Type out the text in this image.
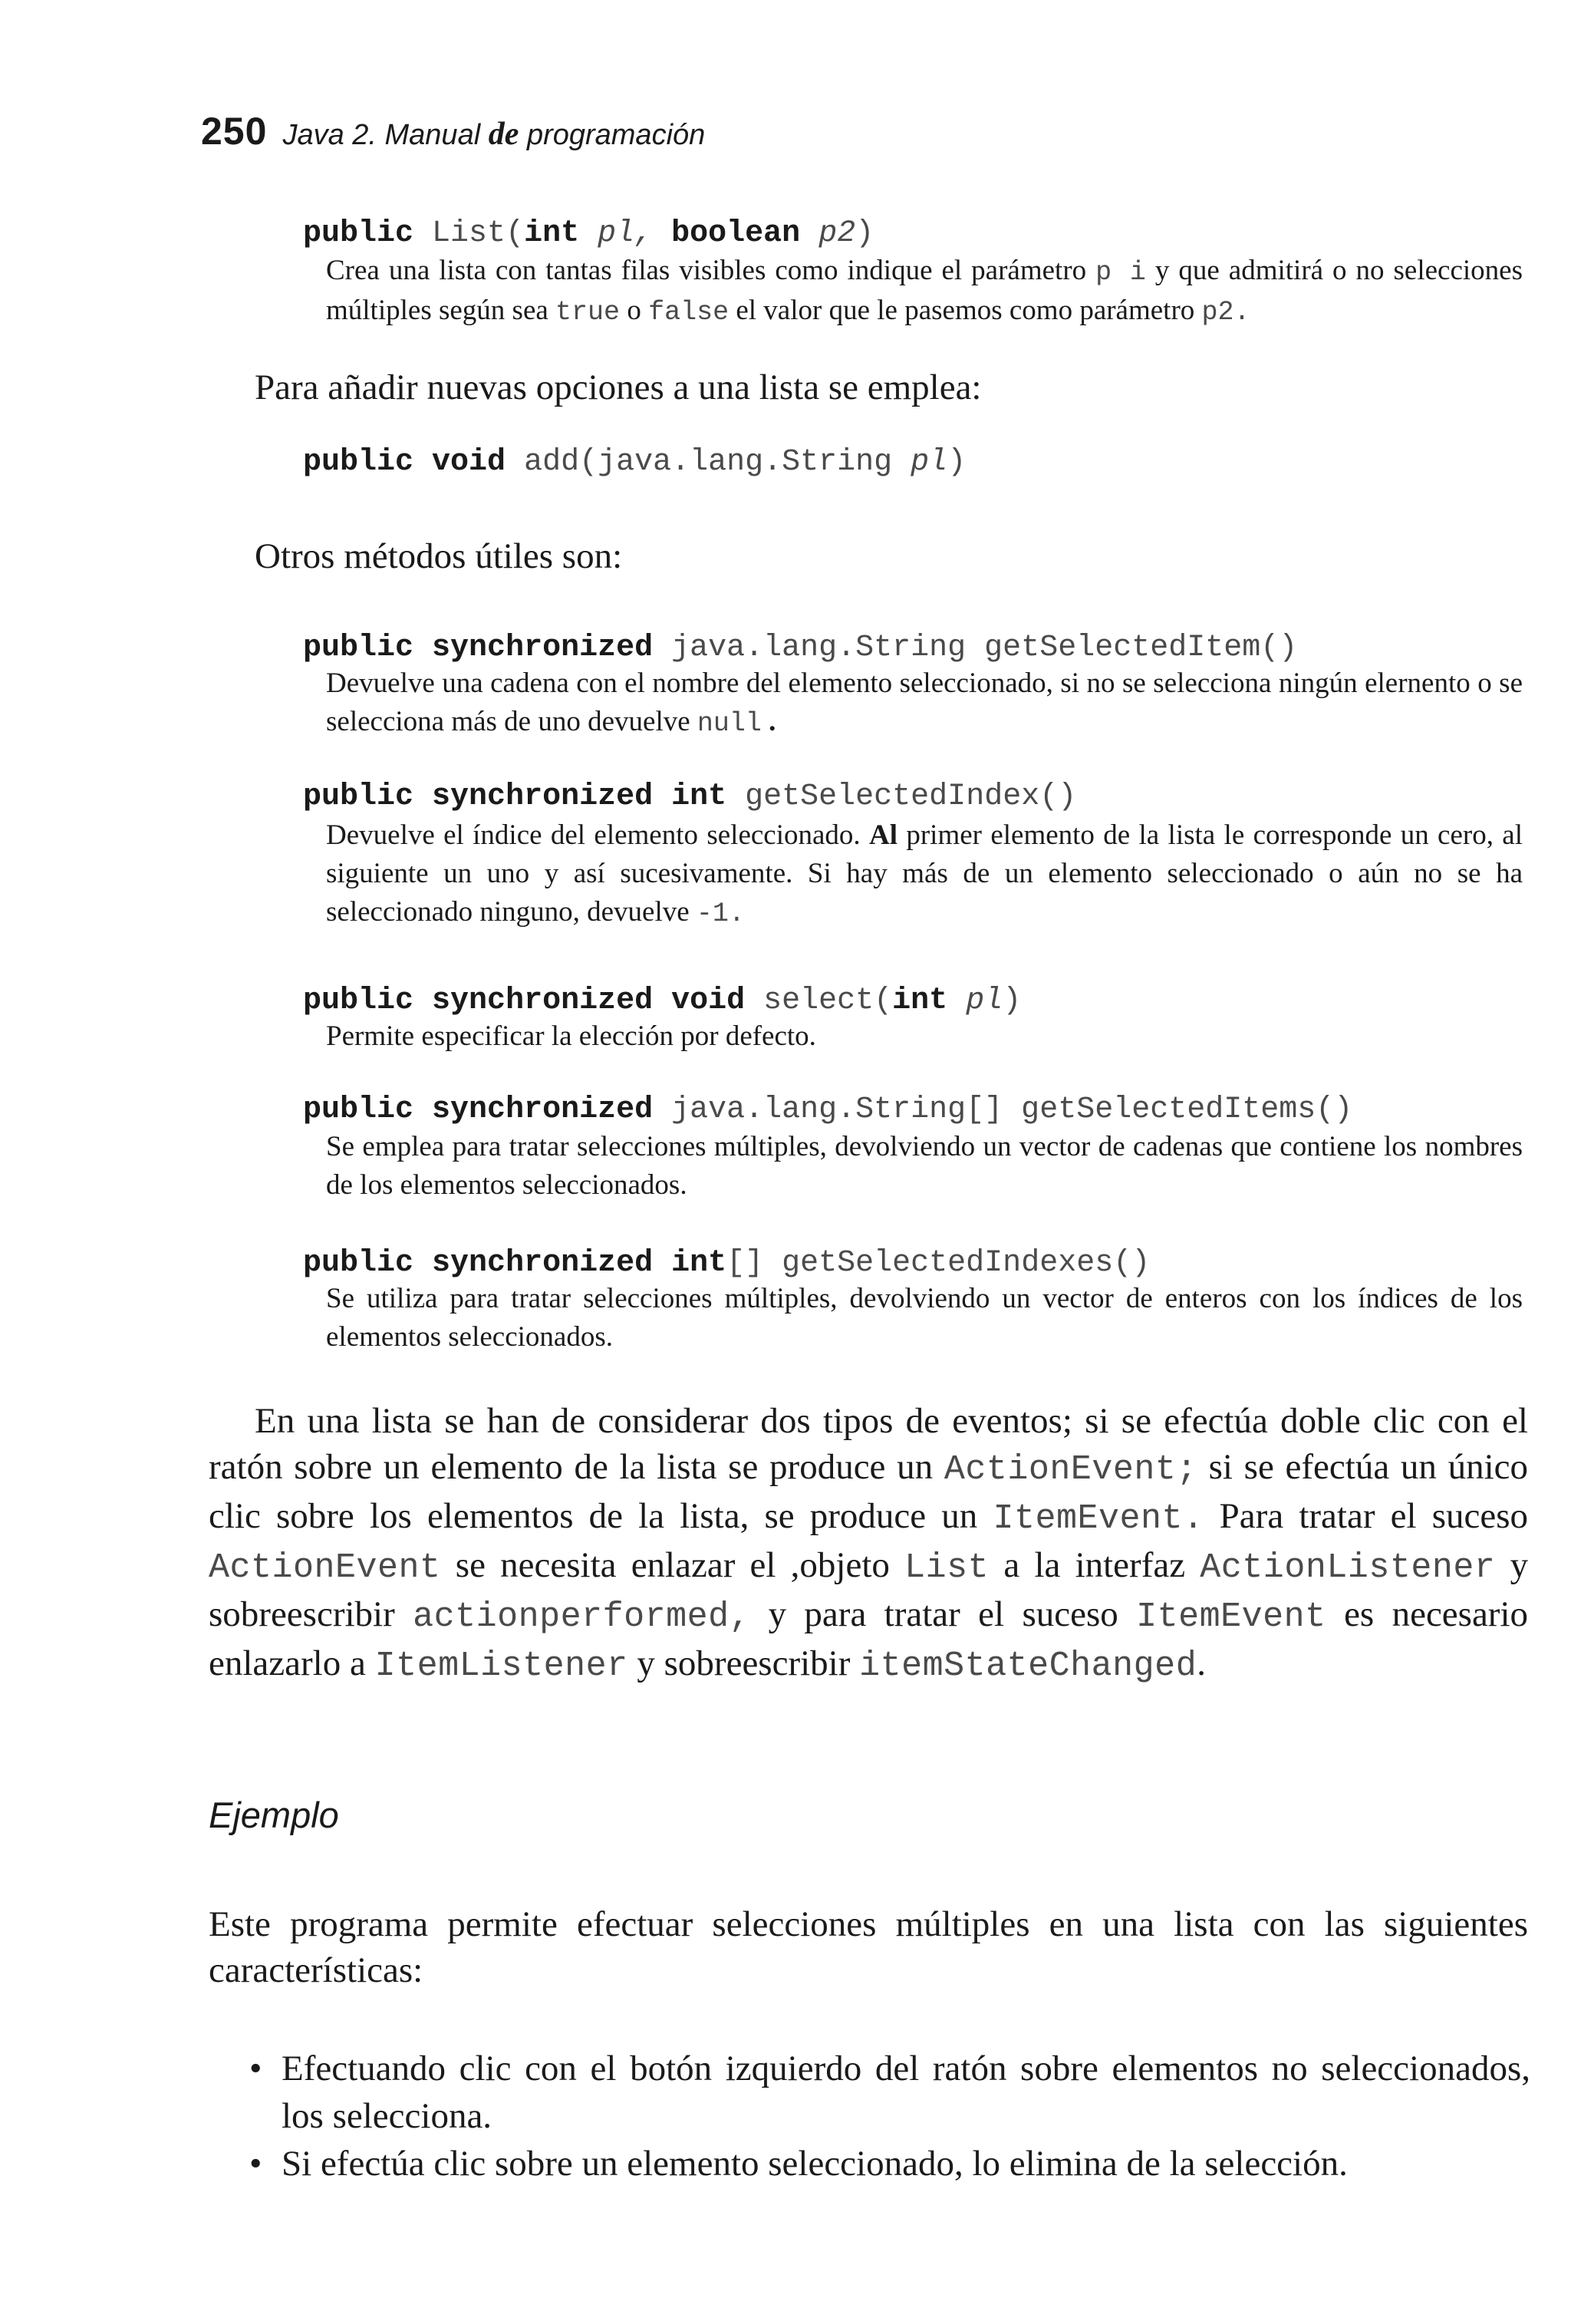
250 Java 2. Manual de programación
public List(int pl, boolean p2)
Crea una lista con tantas filas visibles como indique el parámetro p i y que admitirá o no selecciones múltiples según sea true o false el valor que le pasemos como parámetro p2.
Para añadir nuevas opciones a una lista se emplea:
public void add(java.lang.String pl)
Otros métodos útiles son:
public synchronized java.lang.String getSelectedItem()
Devuelve una cadena con el nombre del elemento seleccionado, si no se selecciona ningún elernento o se selecciona más de uno devuelve null .
public synchronized int getSelectedIndex()
Devuelve el índice del elemento seleccionado. Al primer elemento de la lista le corresponde un cero, al siguiente un uno y así sucesivamente. Si hay más de un elemento seleccionado o aún no se ha seleccionado ninguno, devuelve -1.
public synchronized void select(int pl)
Permite especificar la elección por defecto.
public synchronized java.lang.String[] getSelectedItems()
Se emplea para tratar selecciones múltiples, devolviendo un vector de cadenas que contiene los nombres de los elementos seleccionados.
public synchronized int[] getSelectedIndexes()
Se utiliza para tratar selecciones múltiples, devolviendo un vector de enteros con los índices de los elementos seleccionados.
En una lista se han de considerar dos tipos de eventos; si se efectúa doble clic con el ratón sobre un elemento de la lista se produce un ActionEvent; si se efectúa un único clic sobre los elementos de la lista, se produce un ItemEvent. Para tratar el suceso ActionEvent se necesita enlazar el ,objeto List a la interfaz ActionListener y sobreescribir actionperformed, y para tratar el suceso ItemEvent es necesario enlazarlo a ItemListener y sobreescribir itemStateChanged.
Ejemplo
Este programa permite efectuar selecciones múltiples en una lista con las siguientes características:
• Efectuando clic con el botón izquierdo del ratón sobre elementos no seleccionados, los selecciona.
• Si efectúa clic sobre un elemento seleccionado, lo elimina de la selección.
